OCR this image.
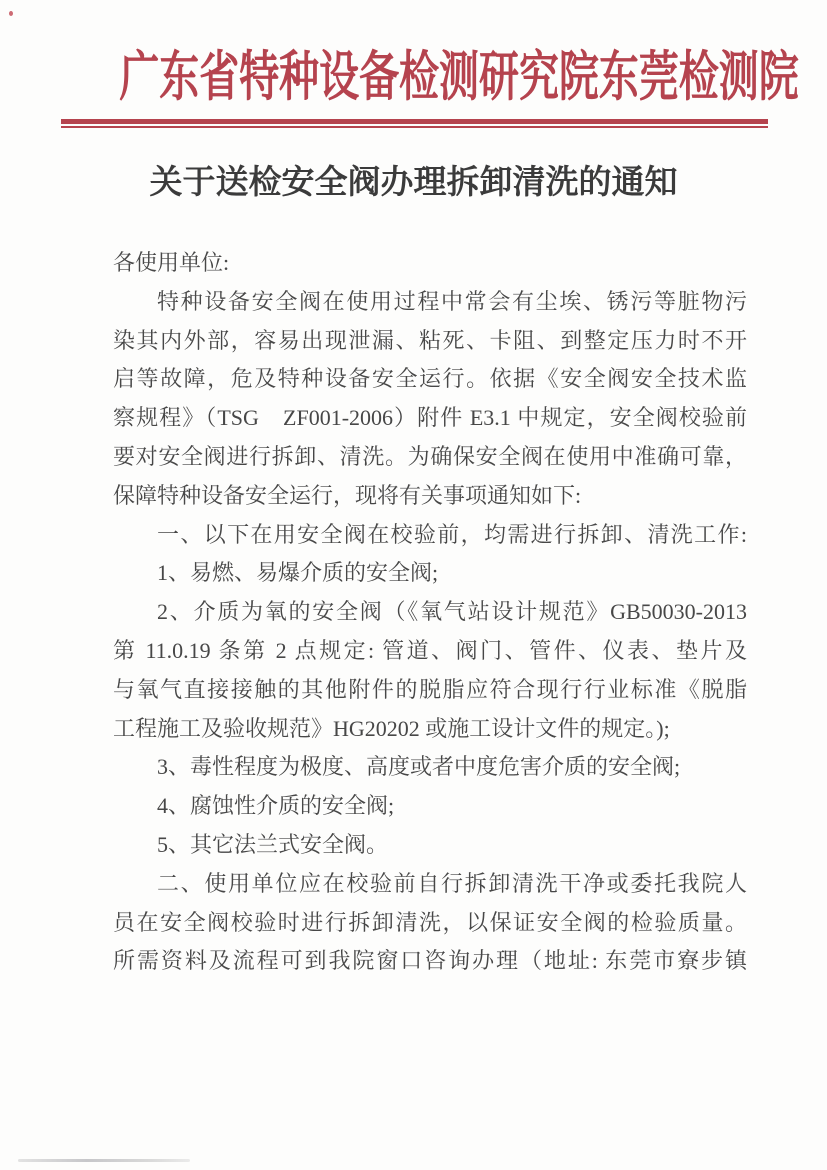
广东省特种设备检测研究院东莞检测院
关于送检安全阀办理拆卸清洗的通知
各使用单位:
特种设备安全阀在使用过程中常会有尘埃、锈污等脏物污
染其内外部，容易出现泄漏、粘死、卡阻、到整定压力时不开
启等故障，危及特种设备安全运行。依据《安全阀安全技术监
察规程》（TSG　ZF001-2006）附件 E3.1 中规定，安全阀校验前
要对安全阀进行拆卸、清洗。为确保安全阀在使用中准确可靠，
保障特种设备安全运行，现将有关事项通知如下:
一、以下在用安全阀在校验前，均需进行拆卸、清洗工作:
1、易燃、易爆介质的安全阀;
2、介质为氧的安全阀（《氧气站设计规范》GB50030-2013
第 11.0.19 条第 2 点规定: 管道、阀门、管件、仪表、垫片及
与氧气直接接触的其他附件的脱脂应符合现行行业标准《脱脂
工程施工及验收规范》HG20202 或施工设计文件的规定。);
3、毒性程度为极度、高度或者中度危害介质的安全阀;
4、腐蚀性介质的安全阀;
5、其它法兰式安全阀。
二、使用单位应在校验前自行拆卸清洗干净或委托我院人
员在安全阀校验时进行拆卸清洗，以保证安全阀的检验质量。
所需资料及流程可到我院窗口咨询办理（地址: 东莞市寮步镇
